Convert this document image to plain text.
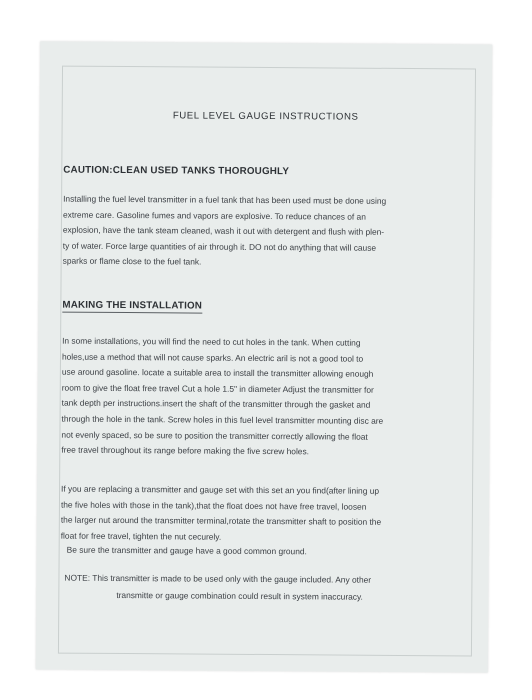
FUEL LEVEL GAUGE INSTRUCTIONS
CAUTION:CLEAN USED TANKS THOROUGHLY
Installing the fuel level transmitter in a fuel tank that has been used must be done using
extreme care. Gasoline fumes and vapors are explosive. To reduce chances of an
explosion, have the tank steam cleaned, wash it out with detergent and flush with plen-
ty of water. Force large quantities of air through it. DO not do anything that will cause
sparks or flame close to the fuel tank.
MAKING THE INSTALLATION
In some installations, you will find the need to cut holes in the tank. When cutting
holes,use a method that will not cause sparks. An electric aril is not a good tool to
use around gasoline. locate a suitable area to install the transmitter allowing enough
room to give the float free travel Cut a hole 1.5" in diameter Adjust the transmitter for
tank depth per instructions.insert the shaft of the transmitter through the gasket and
through the hole in the tank. Screw holes in this fuel level transmitter mounting disc are
not evenly spaced, so be sure to position the transmitter correctly allowing the float
free travel throughout its range before making the five screw holes.
If you are replacing a transmitter and gauge set with this set an you find(after lining up
the five holes with those in the tank),that the float does not have free travel, loosen
the larger nut around the transmitter terminal,rotate the transmitter shaft to position the
float for free travel, tighten the nut cecurely.
Be sure the transmitter and gauge have a good common ground.
NOTE: This transmitter is made to be used only with the gauge included. Any other
transmitte or gauge combination could result in system inaccuracy.
